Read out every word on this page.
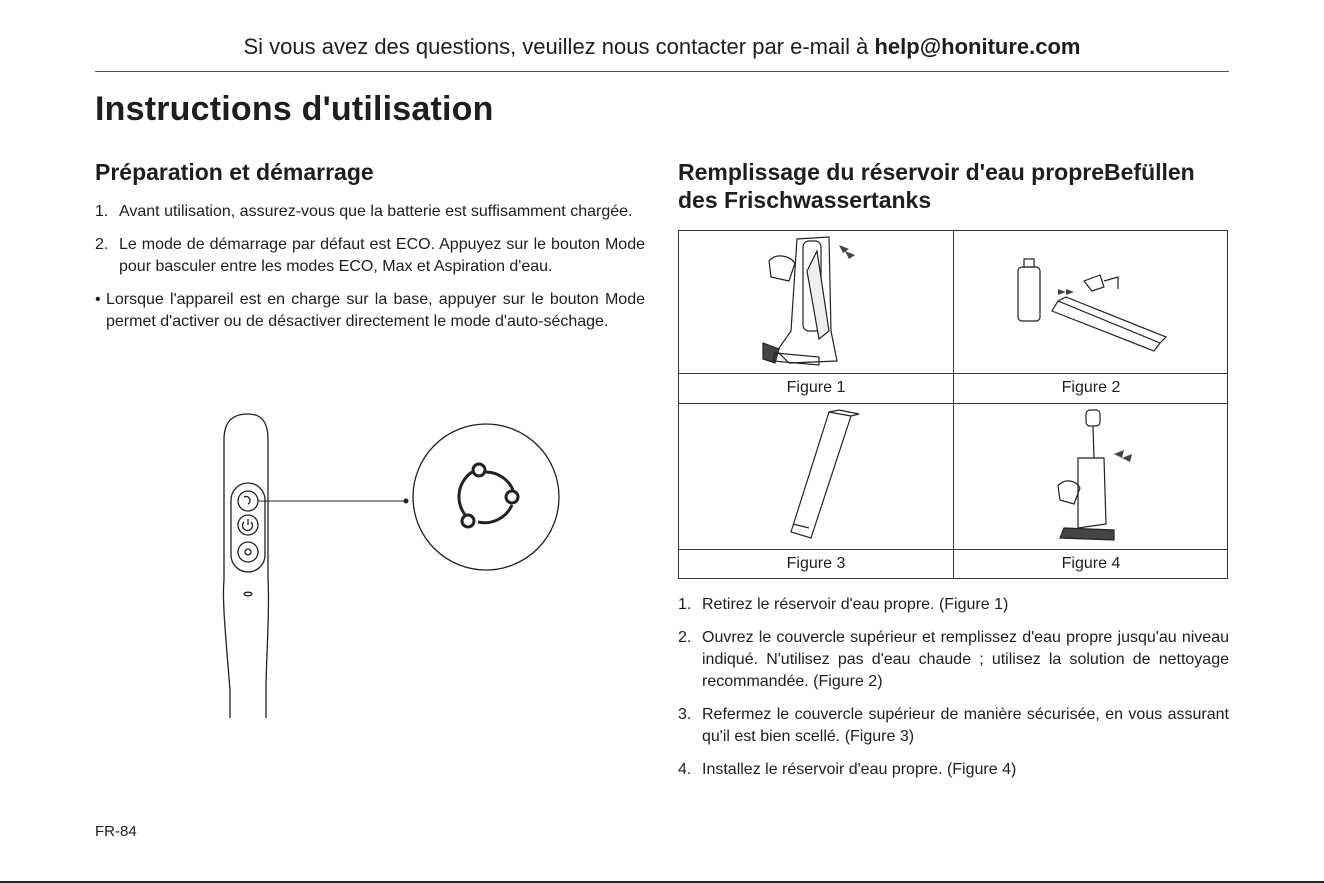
Si vous avez des questions, veuillez nous contacter par e-mail à help@honiture.com
Instructions d'utilisation
Préparation et démarrage
1. Avant utilisation, assurez-vous que la batterie est suffisamment chargée.
2. Le mode de démarrage par défaut est ECO. Appuyez sur le bouton Mode pour basculer entre les modes ECO, Max et Aspiration d'eau.
• Lorsque l'appareil est en charge sur la base, appuyer sur le bouton Mode permet d'activer ou de désactiver directement le mode d'auto-séchage.
Remplissage du réservoir d'eau propreBefüllen des Frischwassertanks
Figure 1	Figure 2
Figure 3	Figure 4
1. Retirez le réservoir d'eau propre. (Figure 1)
2. Ouvrez le couvercle supérieur et remplissez d'eau propre jusqu'au niveau indiqué. N'utilisez pas d'eau chaude ; utilisez la solution de nettoyage recommandée. (Figure 2)
3. Refermez le couvercle supérieur de manière sécurisée, en vous assurant qu'il est bien scellé. (Figure 3)
4. Installez le réservoir d'eau propre. (Figure 4)
FR-84
